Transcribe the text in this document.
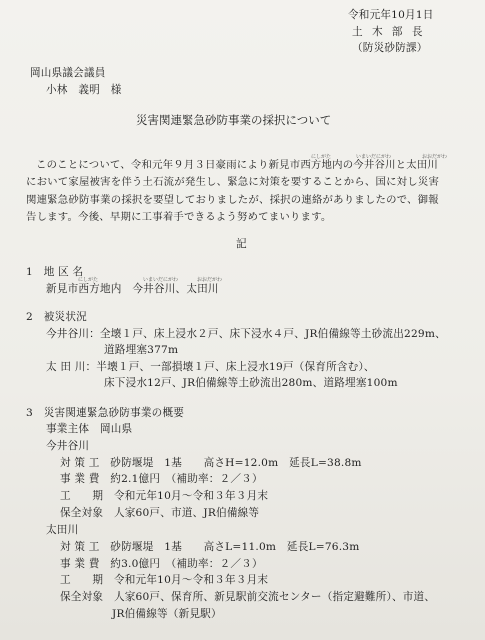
令和元年10月1日
土 木 部 長
（防災砂防課）
岡山県議会議員
小林　義明　様
災害関連緊急砂防事業の採択について
にしがた	いまいだにがわ	おおだがわ
このことについて、令和元年９月３日豪雨により新見市西方地内の今井谷川と太田川
において家屋被害を伴う土石流が発生し、緊急に対策を要することから、国に対し災害
関連緊急砂防事業の採択を要望しておりましたが、採択の連絡がありましたので、御報
告します。今後、早期に工事着手できるよう努めてまいります。
記
1　地 区 名
にしがた	いまいだにがわ	おおだがわ
新見市西方地内　今井谷川、太田川
2　被災状況
今井谷川：全壊１戸、床上浸水２戸、床下浸水４戸、JR伯備線等土砂流出229m、
道路埋塞377m
太 田 川：半壊１戸、一部損壊１戸、床上浸水19戸（保育所含む）、
床下浸水12戸、JR伯備線等土砂流出280m、道路埋塞100m
3　災害関連緊急砂防事業の概要
事業主体　岡山県
今井谷川
対 策 工　砂防堰堤　1基　　高さH=12.0m　延長L=38.8m
事 業 費　約2.1億円　（補助率：２／３）
工　　期　令和元年10月～令和３年３月末
保全対象　人家60戸、市道、JR伯備線等
太田川
対 策 工　砂防堰堤　1基　　高さL=11.0m　延長L=76.3m
事 業 費　約3.0億円　（補助率：２／３）
工　　期　令和元年10月～令和３年３月末
保全対象　人家60戸、保育所、新見駅前交流センター（指定避難所）、市道、
JR伯備線等（新見駅）
